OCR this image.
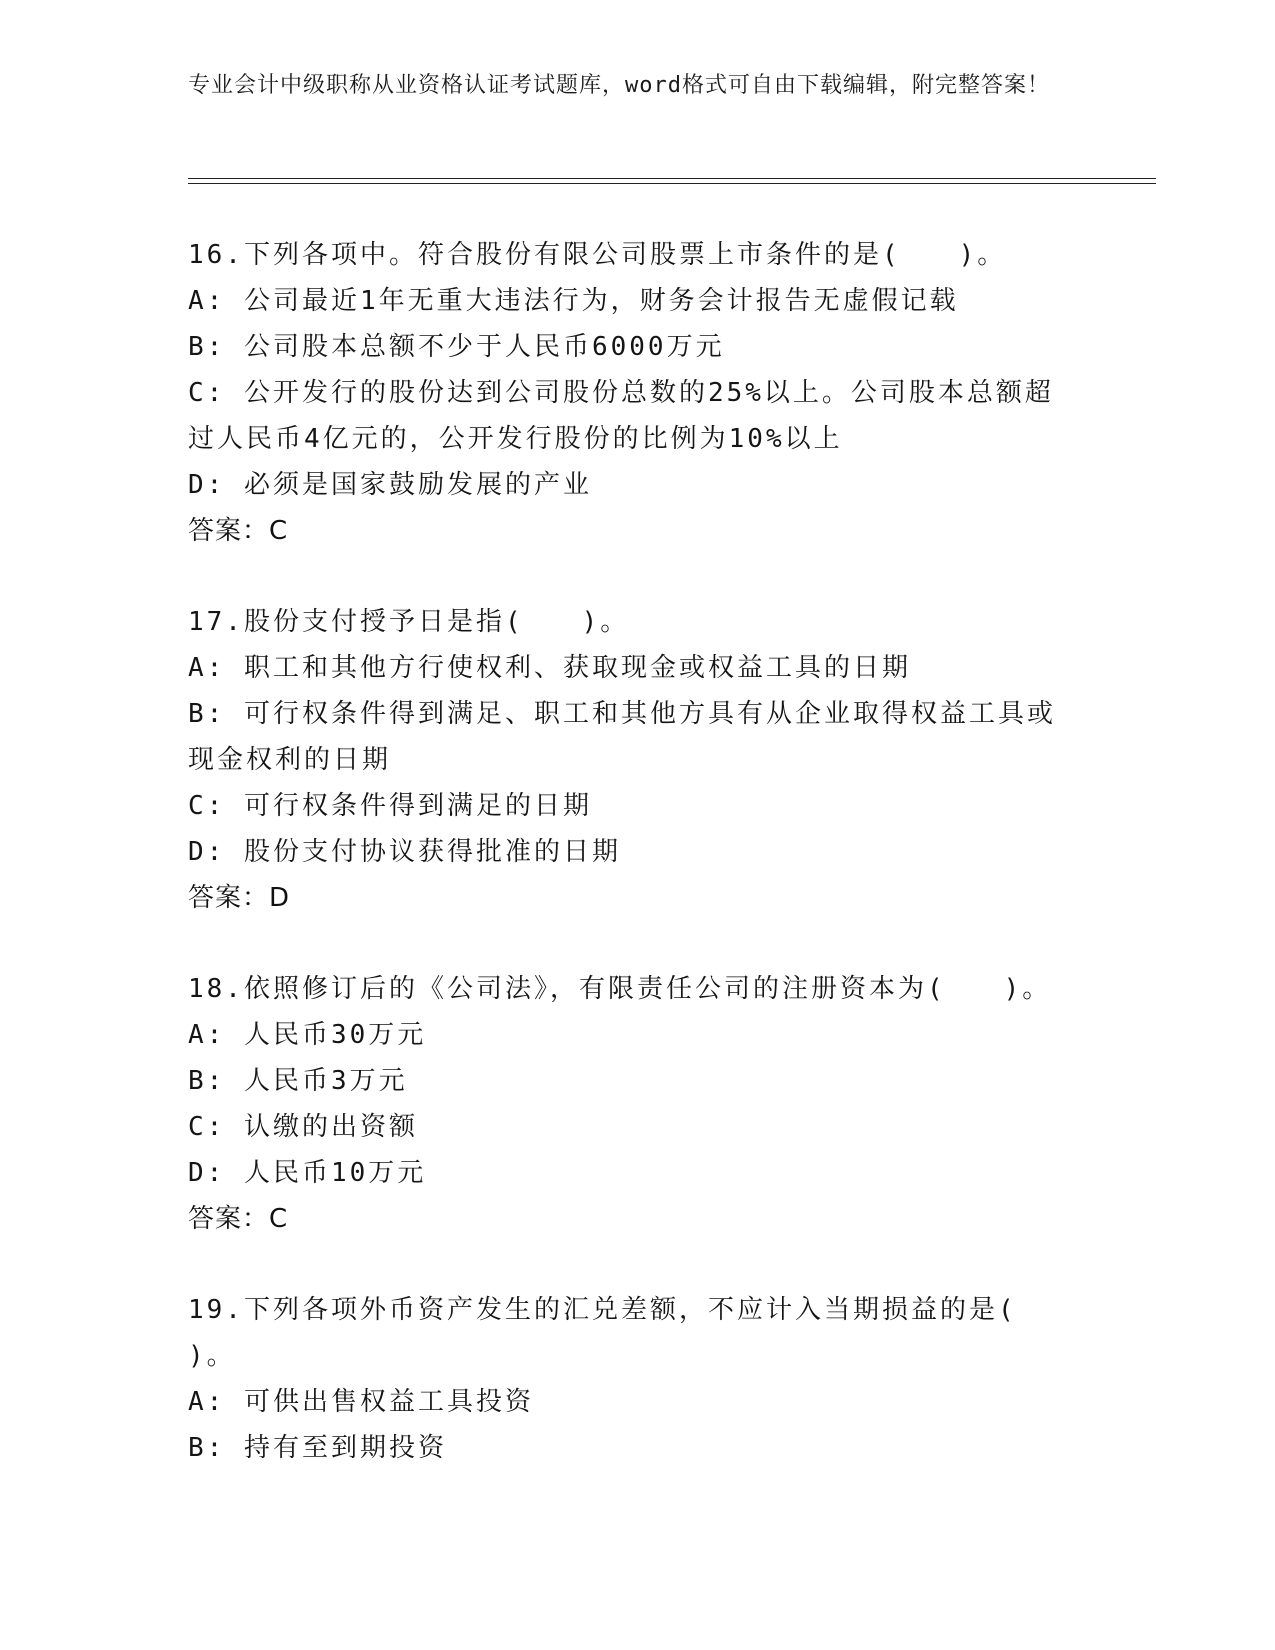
专业会计中级职称从业资格认证考试题库，word格式可自由下载编辑，附完整答案！
16.下列各项中。符合股份有限公司股票上市条件的是(　　)。
A: 公司最近1年无重大违法行为，财务会计报告无虚假记载
B: 公司股本总额不少于人民币6000万元
C: 公开发行的股份达到公司股份总数的25%以上。公司股本总额超过人民币4亿元的，公开发行股份的比例为10%以上
D: 必须是国家鼓励发展的产业
答案：C
17.股份支付授予日是指(　　)。
A: 职工和其他方行使权利、获取现金或权益工具的日期
B: 可行权条件得到满足、职工和其他方具有从企业取得权益工具或现金权利的日期
C: 可行权条件得到满足的日期
D: 股份支付协议获得批准的日期
答案：D
18.依照修订后的《公司法》，有限责任公司的注册资本为(　　)。
A: 人民币30万元
B: 人民币3万元
C: 认缴的出资额
D: 人民币10万元
答案：C
19.下列各项外币资产发生的汇兑差额，不应计入当期损益的是(　　)。
A: 可供出售权益工具投资
B: 持有至到期投资
